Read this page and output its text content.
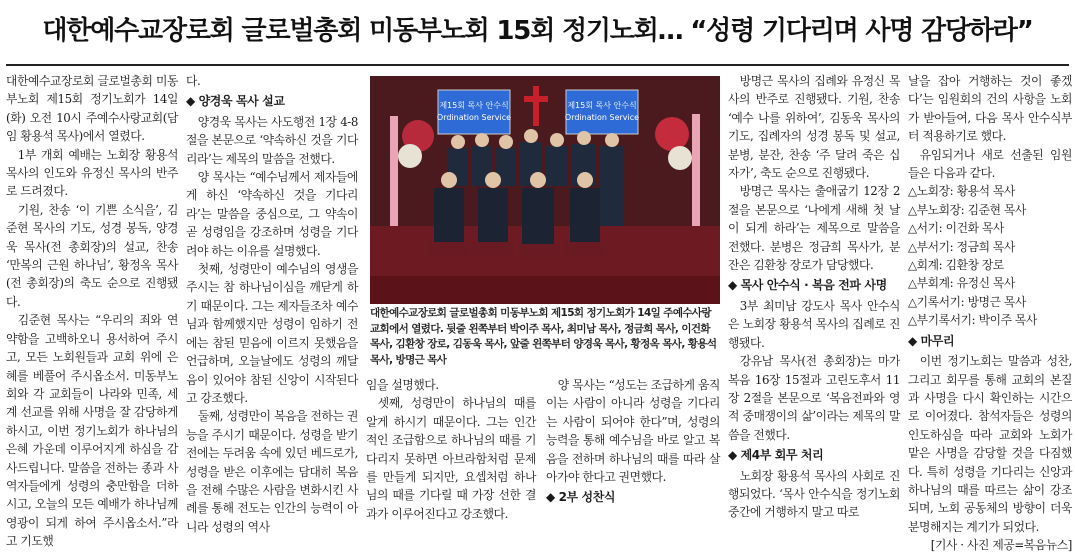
대한예수교장로회 글로벌총회 미동부노회 15회 정기노회… “성령 기다리며 사명 감당하라”

대한예수교장로회 글로벌총회 미동부노회 제15회 정기노회가 14일(화) 오전 10시 주예수사랑교회(담임 황용석 목사)에서 열렸다.

1부 개회 예배는 노회장 황용석 목사의 인도와 유정신 목사의 반주로 드려졌다.

기원, 찬송 ‘이 기쁜 소식을’, 김준현 목사의 기도, 성경 봉독, 양경욱 목사(전 총회장)의 설교, 찬송 ‘만복의 근원 하나님’, 황정옥 목사(전 총회장)의 축도 순으로 진행됐다.

김준현 목사는 “우리의 죄와 연약함을 고백하오니 용서하여 주시고, 모든 노회원들과 교회 위에 은혜를 베풀어 주시옵소서. 미동부노회와 각 교회들이 나라와 민족, 세계 선교를 위해 사명을 잘 감당하게 하시고, 이번 정기노회가 하나님의 은혜 가운데 이루어지게 하심을 감사드립니다. 말씀을 전하는 종과 사역자들에게 성령의 충만함을 더하시고, 오늘의 모든 예배가 하나님께 영광이 되게 하여 주시옵소서.”라고 기도했

다.

◆ 양경욱 목사 설교

양경욱 목사는 사도행전 1장 4-8절을 본문으로 ‘약속하신 것을 기다리라’는 제목의 말씀을 전했다.

양 목사는 “예수님께서 제자들에게 하신 ‘약속하신 것을 기다리라’는 말씀을 중심으로, 그 약속이 곧 성령임을 강조하며 성령을 기다려야 하는 이유를 설명했다.

첫째, 성령만이 예수님의 영생을 주시는 참 하나님이심을 깨닫게 하기 때문이다. 그는 제자들조차 예수님과 함께했지만 성령이 임하기 전에는 참된 믿음에 이르지 못했음을 언급하며, 오늘날에도 성령의 깨달음이 있어야 참된 신앙이 시작된다고 강조했다.

둘째, 성령만이 복음을 전하는 권능을 주시기 때문이다. 성령을 받기 전에는 두려움 속에 있던 베드로가, 성령을 받은 이후에는 담대히 복음을 전해 수많은 사람을 변화시킨 사례를 통해 전도는 인간의 능력이 아니라 성령의 역사

제15회 목사 안수식
Ordination Service
제15회 목사 안수식
Ordination Service
대한예수교장로회 글로벌총회 미동부노회 제15회 정기노회가 14일 주예수사랑교회에서 열렸다. 뒷줄 왼쪽부터 박이주 목사, 최미남 목사, 정금희 목사, 이건화 목사, 김환창 장로, 김동욱 목사, 앞줄 왼쪽부터 양경욱 목사, 황정옥 목사, 황용석 목사, 방명근 목사

임을 설명했다.

셋째, 성령만이 하나님의 때를 알게 하시기 때문이다. 그는 인간적인 조급함으로 하나님의 때를 기다리지 못하면 아브라함처럼 문제를 만들게 되지만, 요셉처럼 하나님의 때를 기다릴 때 가장 선한 결과가 이루어진다고 강조했다.

양 목사는 “성도는 조급하게 움직이는 사람이 아니라 성령을 기다리는 사람이 되어야 한다”며, 성령의 능력을 통해 예수님을 바로 알고 복음을 전하며 하나님의 때를 따라 살아가야 한다고 권면했다.

◆ 2부 성찬식

방명근 목사의 집례와 유정신 목사의 반주로 진행됐다. 기원, 찬송 ‘예수 나를 위하여’, 김동욱 목사의 기도, 집례자의 성경 봉독 및 설교, 분병, 분잔, 찬송 ‘주 달려 죽은 십자가’, 축도 순으로 진행됐다.

방명근 목사는 출애굽기 12장 2절을 본문으로 ‘나에게 새해 첫 날이 되게 하라’는 제목으로 말씀을 전했다. 분병은 정금희 목사가, 분잔은 김환창 장로가 담당했다.

◆ 목사 안수식 · 복음 전파 사명

3부 최미남 강도사 목사 안수식은 노회장 황용석 목사의 집례로 진행됐다.

강유남 목사(전 총회장)는 마가복음 16장 15절과 고린도후서 11장 2절을 본문으로 ‘복음전파와 영적 중매쟁이의 삶’이라는 제목의 말씀을 전했다.

◆ 제4부 회무 처리

노회장 황용석 목사의 사회로 진행되었다. ‘목사 안수식을 정기노회 중간에 거행하지 말고 따로

날을 잡아 거행하는 것이 좋겠다’는 임원회의 건의 사항을 노회가 받아들여, 다음 목사 안수식부터 적용하기로 했다.

유임되거나 새로 선출된 임원들은 다음과 같다.

△노회장: 황용석 목사

△부노회장: 김준현 목사

△서기: 이건화 목사

△부서기: 정금희 목사

△회계: 김환창 장로

△부회계: 유정신 목사

△기록서기: 방명근 목사

△부기록서기: 박이주 목사

◆ 마무리

이번 정기노회는 말씀과 성찬, 그리고 회무를 통해 교회의 본질과 사명을 다시 확인하는 시간으로 이어졌다. 참석자들은 성령의 인도하심을 따라 교회와 노회가 맡은 사명을 감당할 것을 다짐했다. 특히 성령을 기다리는 신앙과 하나님의 때를 따르는 삶이 강조되며, 노회 공동체의 방향이 더욱 분명해지는 계기가 되었다.

[기사 · 사진 제공=복음뉴스]
